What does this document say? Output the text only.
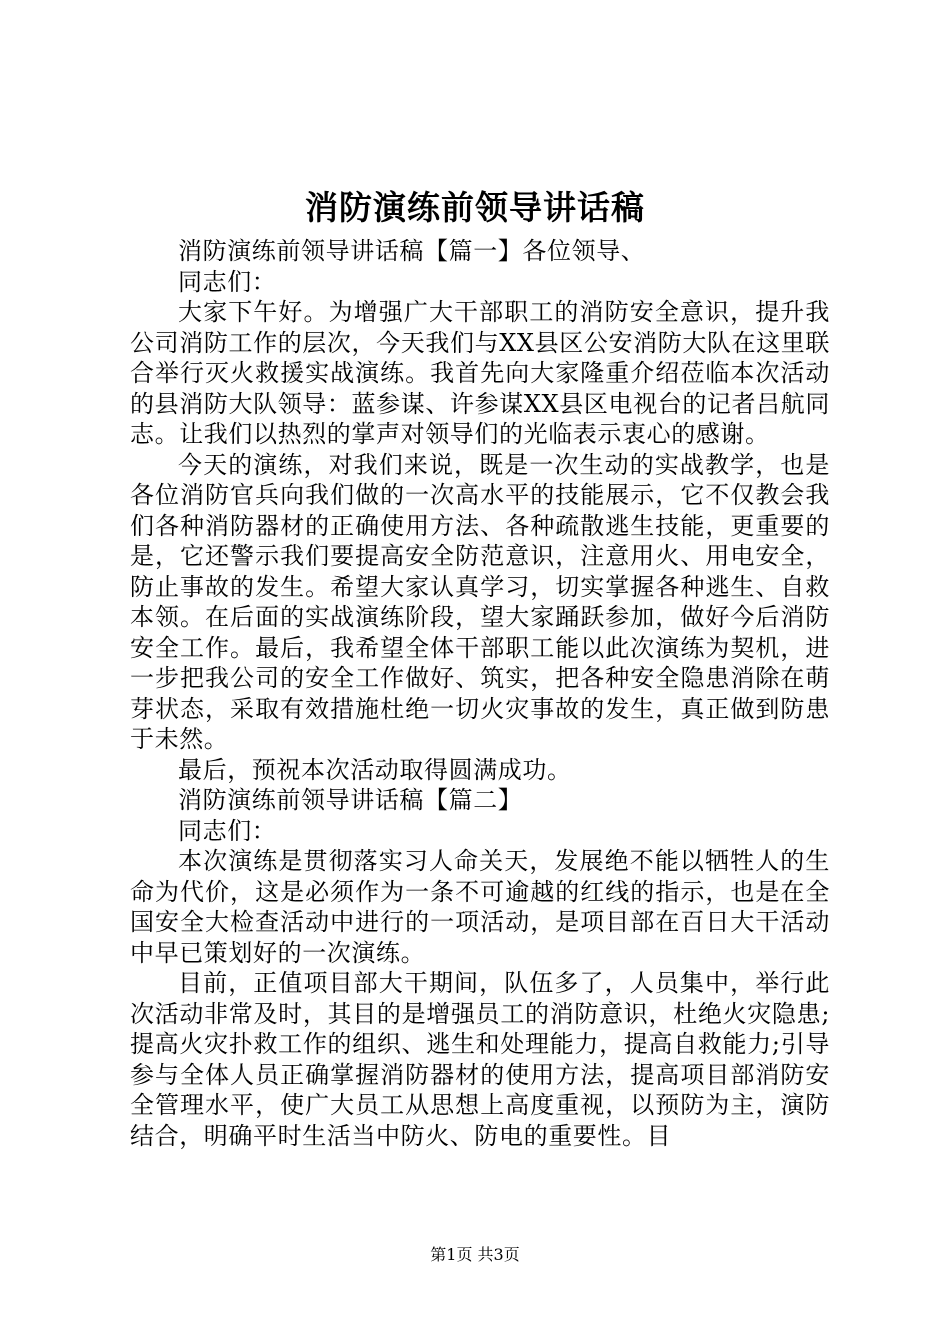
消防演练前领导讲话稿

消防演练前领导讲话稿【篇一】各位领导、

同志们：

大家下午好。为增强广大干部职工的消防安全意识，提升我公司消防工作的层次，今天我们与XX县区公安消防大队在这里联合举行灭火救援实战演练。我首先向大家隆重介绍莅临本次活动的县消防大队领导：蓝参谋、许参谋XX县区电视台的记者吕航同志。让我们以热烈的掌声对领导们的光临表示衷心的感谢。

今天的演练，对我们来说，既是一次生动的实战教学，也是各位消防官兵向我们做的一次高水平的技能展示，它不仅教会我们各种消防器材的正确使用方法、各种疏散逃生技能，更重要的是，它还警示我们要提高安全防范意识，注意用火、用电安全，防止事故的发生。希望大家认真学习，切实掌握各种逃生、自救本领。在后面的实战演练阶段，望大家踊跃参加，做好今后消防安全工作。最后，我希望全体干部职工能以此次演练为契机，进一步把我公司的安全工作做好、筑实，把各种安全隐患消除在萌芽状态，采取有效措施杜绝一切火灾事故的发生，真正做到防患于未然。

最后，预祝本次活动取得圆满成功。

消防演练前领导讲话稿【篇二】

同志们：

本次演练是贯彻落实习人命关天，发展绝不能以牺牲人的生命为代价，这是必须作为一条不可逾越的红线的指示，也是在全国安全大检查活动中进行的一项活动，是项目部在百日大干活动中早已策划好的一次演练。

目前，正值项目部大干期间，队伍多了，人员集中，举行此次活动非常及时，其目的是增强员工的消防意识，杜绝火灾隐患;提高火灾扑救工作的组织、逃生和处理能力，提高自救能力;引导参与全体人员正确掌握消防器材的使用方法，提高项目部消防安全管理水平，使广大员工从思想上高度重视，以预防为主，演防结合，明确平时生活当中防火、防电的重要性。目

第1页 共3页
